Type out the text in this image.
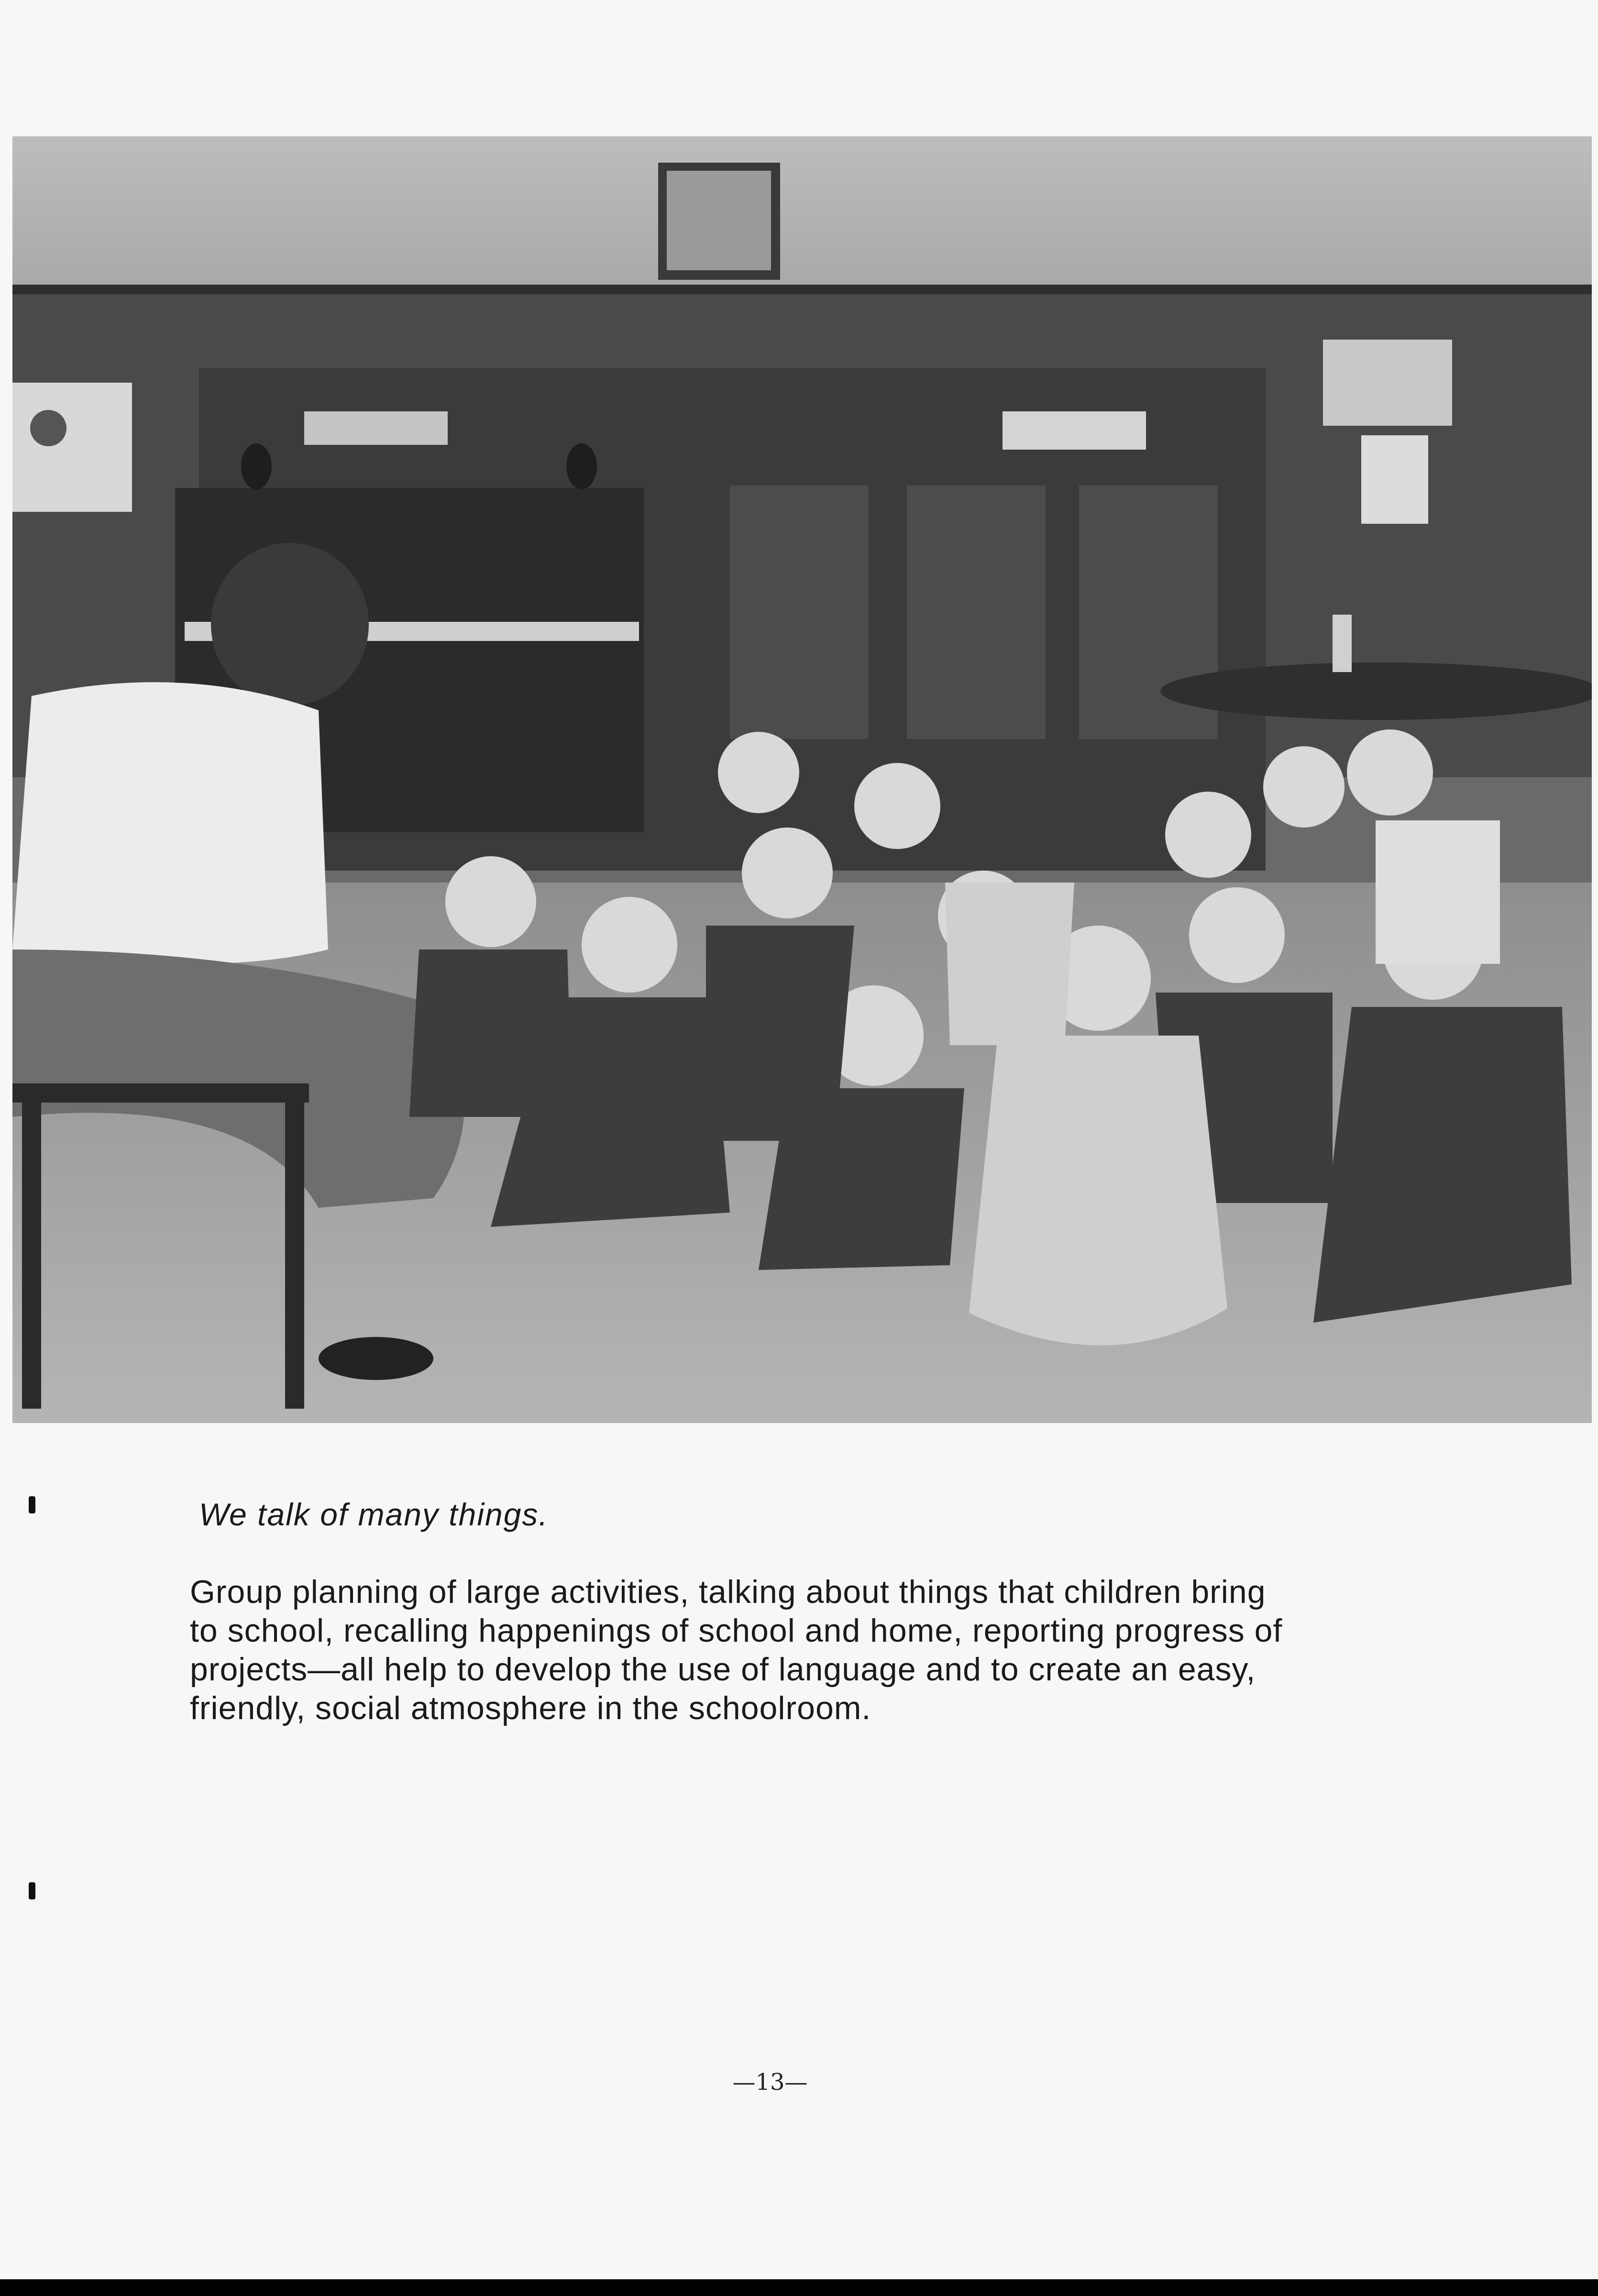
We talk of many things.
Group planning of large activities, talking about things that children bring
to school, recalling happenings of school and home, reporting progress of
projects—all help to develop the use of language and to create an easy,
friendly, social atmosphere in the schoolroom.
—13—
